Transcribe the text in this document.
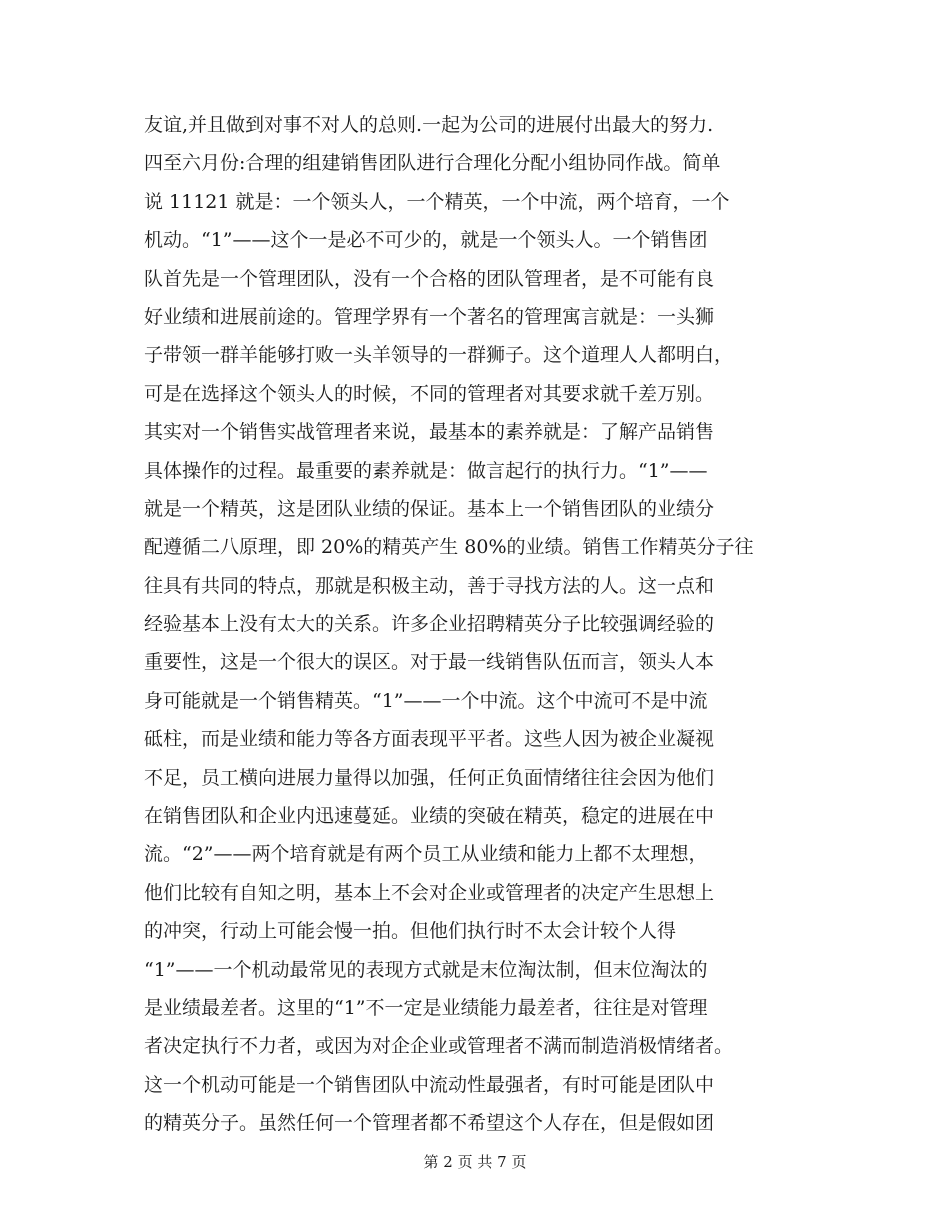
友谊,并且做到对事不对人的总则.一起为公司的进展付出最大的努力.
四至六月份:合理的组建销售团队进行合理化分配小组协同作战。简单
说 11121 就是：一个领头人，一个精英，一个中流，两个培育，一个
机动。“1”——这个一是必不可少的，就是一个领头人。一个销售团
队首先是一个管理团队，没有一个合格的团队管理者，是不可能有良
好业绩和进展前途的。管理学界有一个著名的管理寓言就是：一头狮
子带领一群羊能够打败一头羊领导的一群狮子。这个道理人人都明白，
可是在选择这个领头人的时候，不同的管理者对其要求就千差万别。
其实对一个销售实战管理者来说，最基本的素养就是：了解产品销售
具体操作的过程。最重要的素养就是：做言起行的执行力。“1”——
就是一个精英，这是团队业绩的保证。基本上一个销售团队的业绩分
配遵循二八原理，即 20%的精英产生 80%的业绩。销售工作精英分子往
往具有共同的特点，那就是积极主动，善于寻找方法的人。这一点和
经验基本上没有太大的关系。许多企业招聘精英分子比较强调经验的
重要性，这是一个很大的误区。对于最一线销售队伍而言，领头人本
身可能就是一个销售精英。“1”——一个中流。这个中流可不是中流
砥柱，而是业绩和能力等各方面表现平平者。这些人因为被企业凝视
不足，员工横向进展力量得以加强，任何正负面情绪往往会因为他们
在销售团队和企业内迅速蔓延。业绩的突破在精英，稳定的进展在中
流。“2”——两个培育就是有两个员工从业绩和能力上都不太理想，
他们比较有自知之明，基本上不会对企业或管理者的决定产生思想上
的冲突，行动上可能会慢一拍。但他们执行时不太会计较个人得
“1”——一个机动最常见的表现方式就是末位淘汰制，但末位淘汰的
是业绩最差者。这里的“1”不一定是业绩能力最差者，往往是对管理
者决定执行不力者，或因为对企企业或管理者不满而制造消极情绪者。
这一个机动可能是一个销售团队中流动性最强者，有时可能是团队中
的精英分子。虽然任何一个管理者都不希望这个人存在，但是假如团
第 2 页 共 7 页
